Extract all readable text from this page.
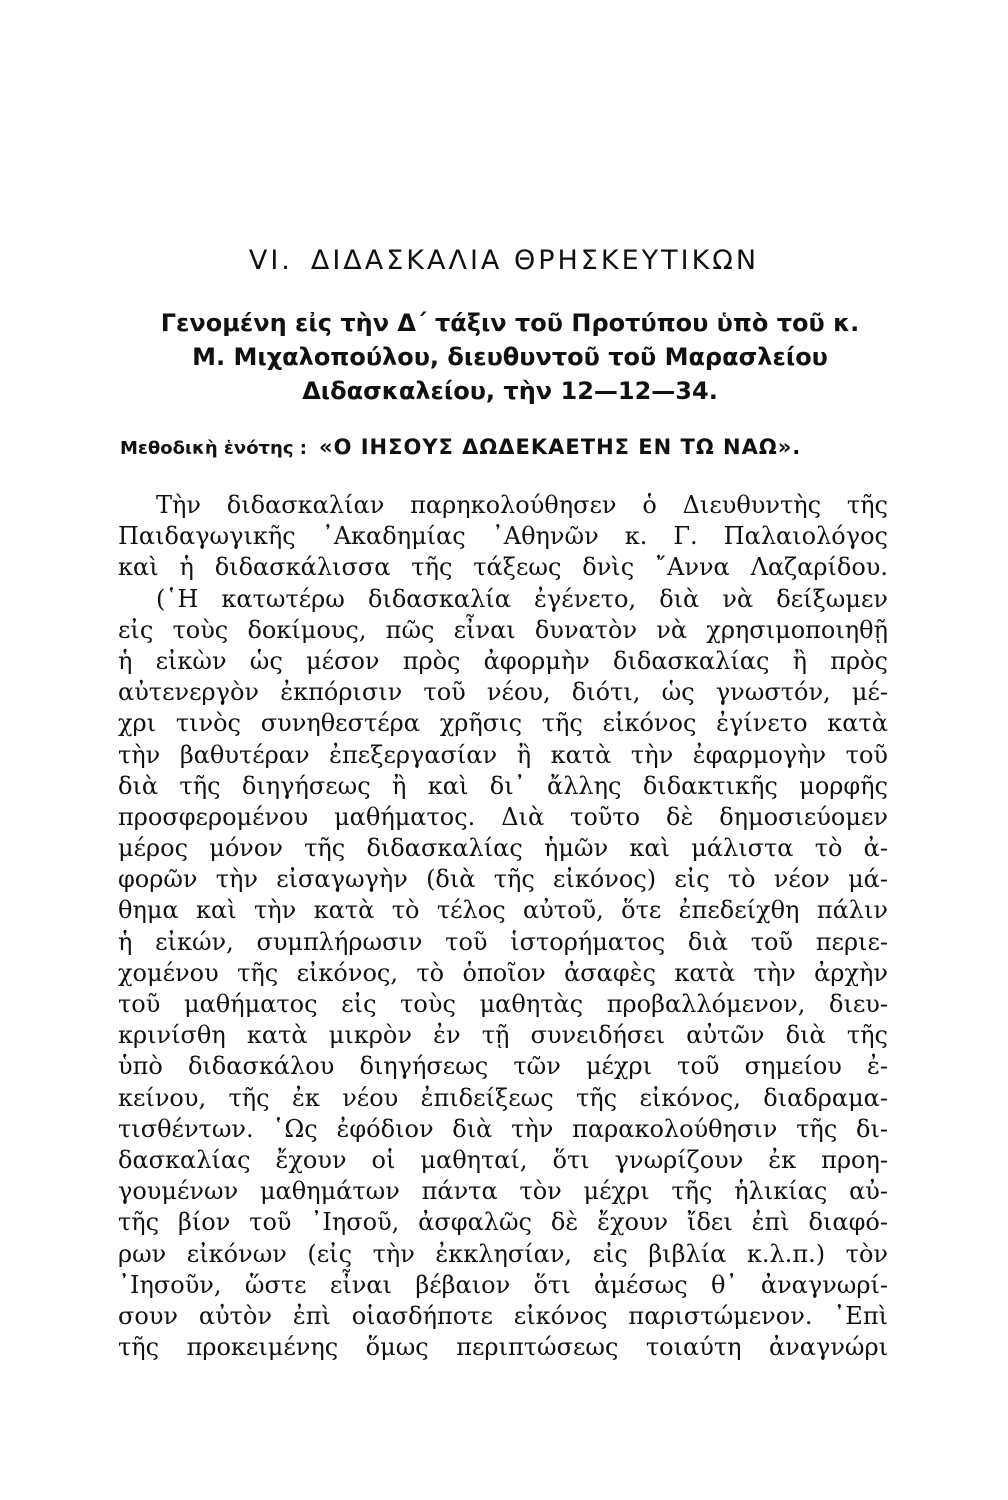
VI. ΔΙΔΑΣΚΑΛΙΑ ΘΡΗΣΚΕΥΤΙΚΩΝ
Γενομένη εἰς τὴν Δ΄ τάξιν τοῦ Προτύπου ὑπὸ τοῦ κ.
Μ. Μιχαλοπούλου, διευθυντοῦ τοῦ Μαρασλείου
Διδασκαλείου, τὴν 12—12—34.
Μεθοδικὴ ἑνότης : «Ο ΙΗΣΟΥΣ ΔΩΔΕΚΑΕΤΗΣ ΕΝ ΤΩ ΝΑΩ».
Τὴν διδασκαλίαν παρηκολούθησεν ὁ Διευθυντὴς τῆς
Παιδαγωγικῆς ᾿Ακαδημίας ᾿Αθηνῶν κ. Γ. Παλαιολόγος
καὶ ἡ διδασκάλισσα τῆς τάξεως δνὶς ῎Αννα Λαζαρίδου.
(῾Η κατωτέρω διδασκαλία ἐγένετο, διὰ νὰ δείξωμεν
εἰς τοὺς δοκίμους, πῶς εἶναι δυνατὸν νὰ χρησιμοποιηθῇ
ἡ εἰκὼν ὡς μέσον πρὸς ἀφορμὴν διδασκαλίας ἢ πρὸς
αὐτενεργὸν ἐκπόρισιν τοῦ νέου, διότι, ὡς γνωστόν, μέ-
χρι τινὸς συνηθεστέρα χρῆσις τῆς εἰκόνος ἐγίνετο κατὰ
τὴν βαθυτέραν ἐπεξεργασίαν ἢ κατὰ τὴν ἐφαρμογὴν τοῦ
διὰ τῆς διηγήσεως ἢ καὶ δι᾿ ἄλλης διδακτικῆς μορφῆς
προσφερομένου μαθήματος. Διὰ τοῦτο δὲ δημοσιεύομεν
μέρος μόνον τῆς διδασκαλίας ἡμῶν καὶ μάλιστα τὸ ἀ-
φορῶν τὴν εἰσαγωγὴν (διὰ τῆς εἰκόνος) εἰς τὸ νέον μά-
θημα καὶ τὴν κατὰ τὸ τέλος αὐτοῦ, ὅτε ἐπεδείχθη πάλιν
ἡ εἰκών, συμπλήρωσιν τοῦ ἱστορήματος διὰ τοῦ περιε-
χομένου τῆς εἰκόνος, τὸ ὁποῖον ἀσαφὲς κατὰ τὴν ἀρχὴν
τοῦ μαθήματος εἰς τοὺς μαθητὰς προβαλλόμενον, διευ-
κρινίσθη κατὰ μικρὸν ἐν τῇ συνειδήσει αὐτῶν διὰ τῆς
ὑπὸ διδασκάλου διηγήσεως τῶν μέχρι τοῦ σημείου ἐ-
κείνου, τῆς ἐκ νέου ἐπιδείξεως τῆς εἰκόνος, διαδραμα-
τισθέντων. ῾Ως ἐφόδιον διὰ τὴν παρακολούθησιν τῆς δι-
δασκαλίας ἔχουν οἱ μαθηταί, ὅτι γνωρίζουν ἐκ προη-
γουμένων μαθημάτων πάντα τὸν μέχρι τῆς ἡλικίας αὐ-
τῆς βίον τοῦ ᾿Ιησοῦ, ἀσφαλῶς δὲ ἔχουν ἴδει ἐπὶ διαφό-
ρων εἰκόνων (εἰς τὴν ἐκκλησίαν, εἰς βιβλία κ.λ.π.) τὸν
᾿Ιησοῦν, ὥστε εἶναι βέβαιον ὅτι ἀμέσως θ᾿ ἀναγνωρί-
σουν αὐτὸν ἐπὶ οἱασδήποτε εἰκόνος παριστώμενον. ᾿Επὶ
τῆς προκειμένης ὅμως περιπτώσεως τοιαύτη ἀναγνώρι
